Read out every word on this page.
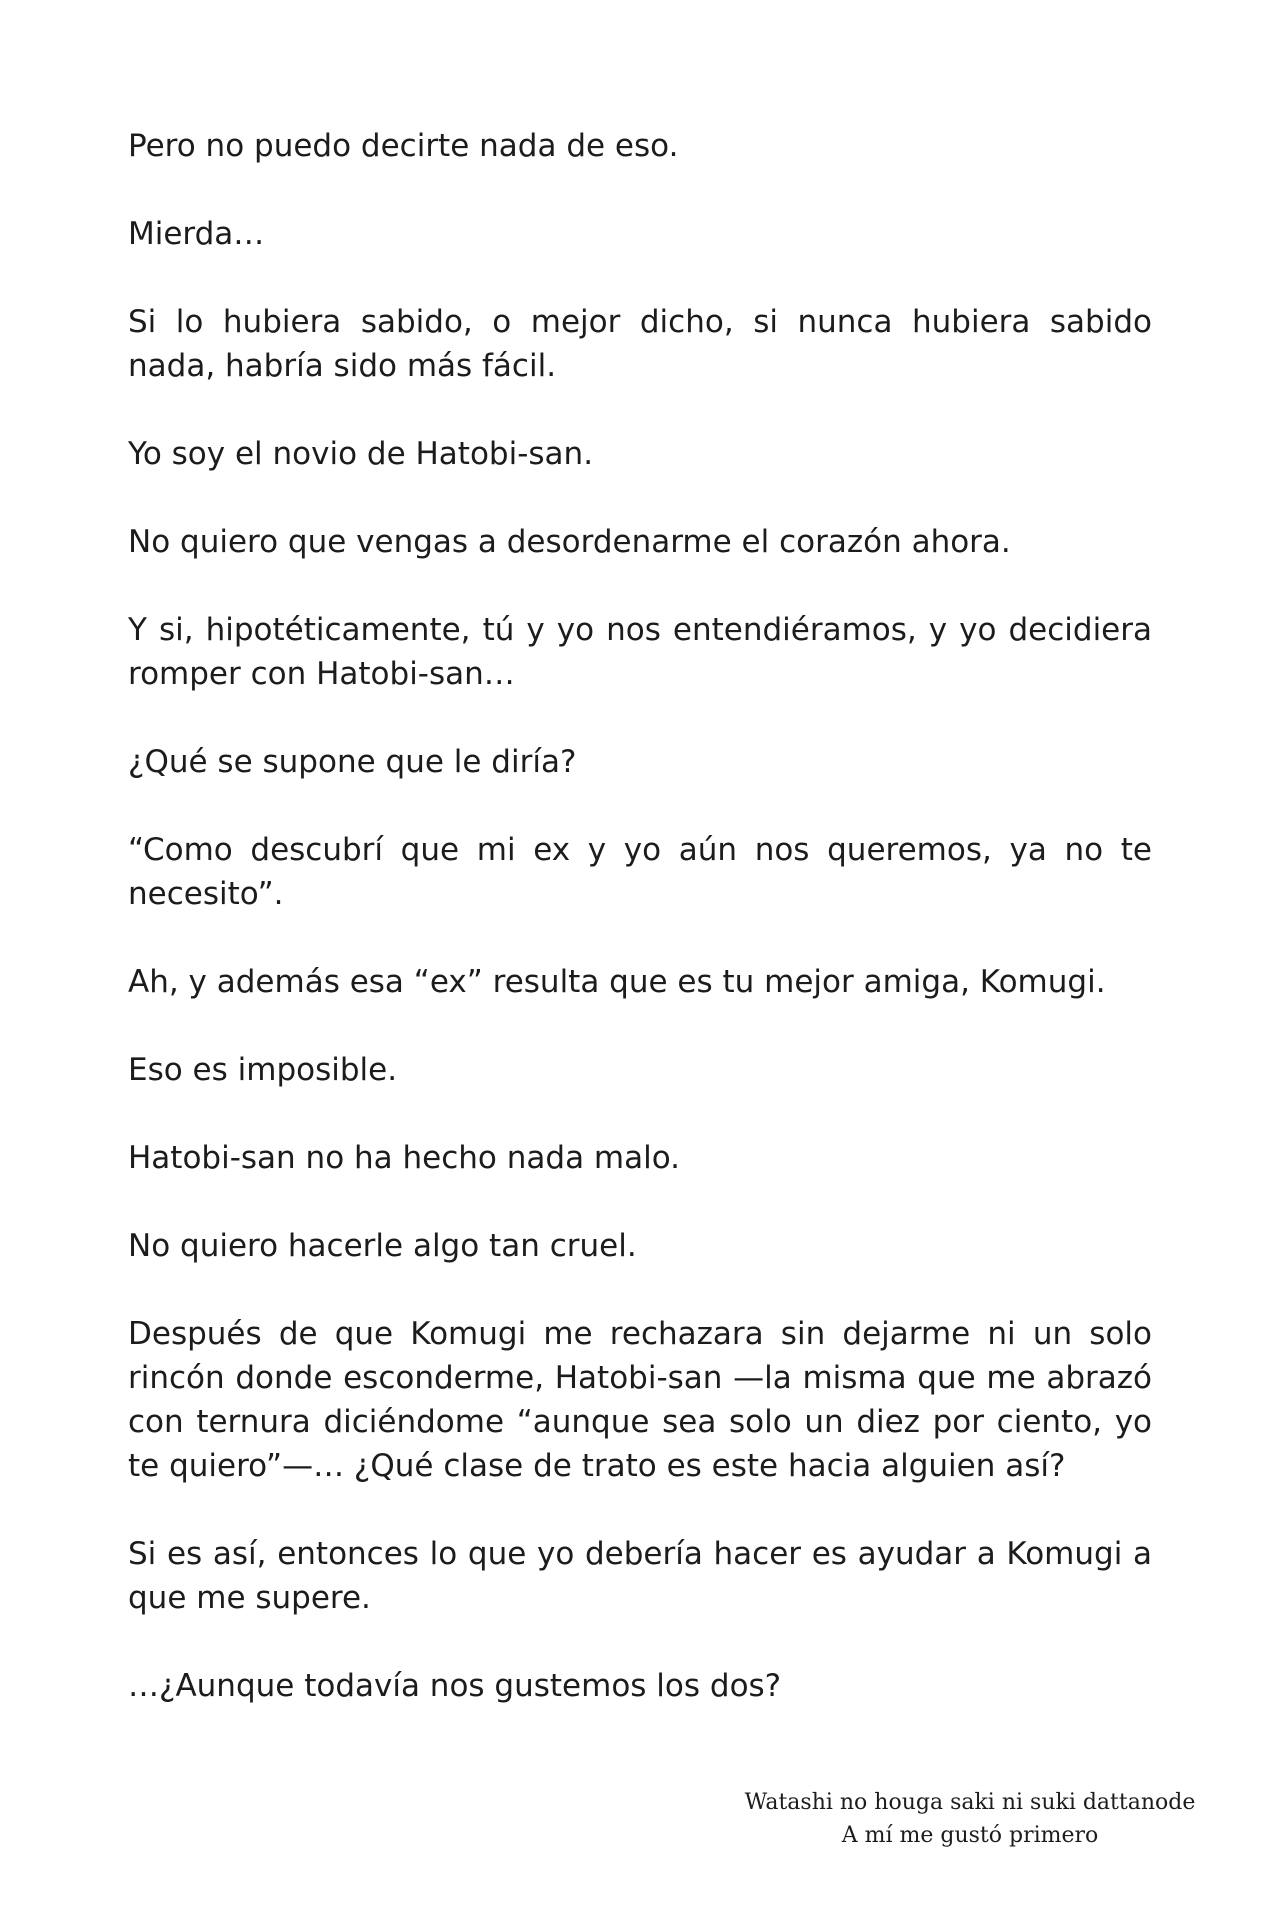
Pero no puedo decirte nada de eso.

Mierda…

Si lo hubiera sabido, o mejor dicho, si nunca hubiera sabido nada, habría sido más fácil.

Yo soy el novio de Hatobi-san.

No quiero que vengas a desordenarme el corazón ahora.

Y si, hipotéticamente, tú y yo nos entendiéramos, y yo decidiera romper con Hatobi-san…

¿Qué se supone que le diría?

“Como descubrí que mi ex y yo aún nos queremos, ya no te necesito”.

Ah, y además esa “ex” resulta que es tu mejor amiga, Komugi.

Eso es imposible.

Hatobi-san no ha hecho nada malo.

No quiero hacerle algo tan cruel.

Después de que Komugi me rechazara sin dejarme ni un solo rincón donde esconderme, Hatobi-san —la misma que me abrazó con ternura diciéndome “aunque sea solo un diez por ciento, yo te quiero”—… ¿Qué clase de trato es este hacia alguien así?

Si es así, entonces lo que yo debería hacer es ayudar a Komugi a que me supere.

…¿Aunque todavía nos gustemos los dos?

Watashi no houga saki ni suki dattanode
A mí me gustó primero
